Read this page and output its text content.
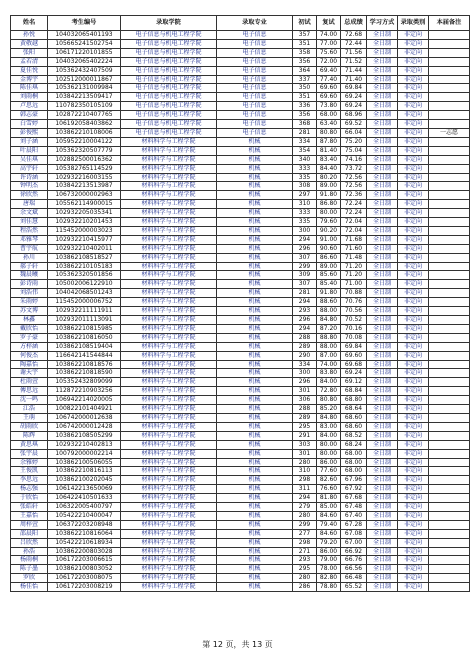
姓名	考生编号	录取学院	录取专业	初试	复试	总成绩	学习方式	录取类别	本届备注
孙悦	104032065401193	电子信息与机电工程学院	电子信息	357	74.00	72.68	全日制	非定向	
黄敬越	105665241502754	电子信息与机电工程学院	电子信息	351	77.00	72.44	全日制	非定向	
张阳	106171220101855	电子信息与机电工程学院	电子信息	358	75.60	71.56	全日制	非定向	
孟若清	104032065402224	电子信息与机电工程学院	电子信息	356	72.00	71.52	全日制	非定向	
夏佳悦	105362432407509	电子信息与机电工程学院	电子信息	364	69.40	71.44	全日制	非定向	
金博宇	102512000011867	电子信息与机电工程学院	电子信息	337	77.40	71.40	全日制	非定向	
陈佳琪	105362131009984	电子信息与机电工程学院	电子信息	350	69.60	69.84	全日制	非定向	
刘雨桐	103842213509417	电子信息与机电工程学院	电子信息	351	69.60	69.24	全日制	非定向	
卢思远	110782350105109	电子信息与机电工程学院	电子信息	336	73.80	69.24	全日制	非定向	
韩志豪	102872210407765	电子信息与机电工程学院	电子信息	356	68.00	68.96	全日制	非定向	
白雪婷	106192058403862	电子信息与机电工程学院	电子信息	368	63.40	69.52	全日制	非定向	
彭俊熙	103862210108006	电子信息与机电工程学院	电子信息	281	80.80	66.04	全日制	非定向	一志愿
刘子涵	105952210004122	材料科学与工程学院	机械	334	87.80	75.20	全日制	非定向	
叶晨阳	105362320507779	材料科学与工程学院	机械	354	81.40	75.04	全日制	非定向	
吴佳琪	102882500016362	材料科学与工程学院	机械	340	83.40	74.16	全日制	非定向	
高宇轩	105382765114529	材料科学与工程学院	机械	333	84.40	73.72	全日制	非定向	
许诗涵	102932216003155	材料科学与工程学院	机械	335	80.20	72.56	全日制	非定向	
钟明杰	103842213513987	材料科学与工程学院	机械	308	89.00	72.56	全日制	非定向	
徐欣然	106732000002963	材料科学与工程学院	机械	297	91.80	72.36	全日制	非定向	
唐瑞	105562114900015	材料科学与工程学院	机械	310	86.80	72.24	全日制	非定向	
余文斌	102932205035341	材料科学与工程学院	机械	333	80.00	72.24	全日制	非定向	
刘佳慧	102932210201453	材料科学与工程学院	机械	335	79.60	72.04	全日制	非定向	
程浩然	115452000003023	材料科学与工程学院	机械	300	90.20	72.04	全日制	非定向	
邓雅琴	102932210415977	材料科学与工程学院	机械	294	91.00	71.68	全日制	非定向	
曹宇航	102932210402011	材料科学与工程学院	机械	296	90.60	71.60	全日制	非定向	
孙川	103862108518527	材料科学与工程学院	机械	307	86.60	71.48	全日制	非定向	
郝子轩	103862210105183	材料科学与工程学院	机械	299	89.00	71.20	全日制	非定向	
魏晨曦	105362320501856	材料科学与工程学院	机械	309	85.60	71.20	全日制	非定向	
彭诗雨	105002006122910	材料科学与工程学院	机械	307	85.40	71.00	全日制	非定向	
刘浩伟	104042068501243	材料科学与工程学院	机械	281	91.80	70.88	全日制	非定向	
朱雨婷	115452000006752	材料科学与工程学院	机械	294	88.60	70.76	全日制	非定向	
苏文博	102932211111911	材料科学与工程学院	机械	293	88.00	70.56	全日制	非定向	
林鑫	102932011113091	材料科学与工程学院	机械	296	84.80	70.52	全日制	非定向	
戴欣怡	103862210815985	材料科学与工程学院	机械	294	87.20	70.16	全日制	非定向	
罗子豪	103862210816050	材料科学与工程学院	机械	288	88.80	70.08	全日制	非定向	
方梓涵	103862108519404	材料科学与工程学院	机械	289	88.00	69.84	全日制	非定向	
何俊杰	116642141544844	材料科学与工程学院	机械	290	87.00	69.60	全日制	非定向	
陶嘉怡	103862210818576	材料科学与工程学院	机械	334	74.00	69.68	全日制	非定向	
谢天宇	103862210818590	材料科学与工程学院	机械	300	83.80	69.24	全日制	非定向	
杜雨萱	105352432809099	材料科学与工程学院	机械	296	84.00	69.12	全日制	非定向	
傅思远	112872210903256	材料科学与工程学院	机械	301	72.80	68.84	全日制	非定向	
沈一鸣	106942214020005	材料科学与工程学院	机械	306	80.80	68.80	全日制	非定向	
江浩	100822101404921	材料科学与工程学院	机械	288	85.20	68.64	全日制	非定向	
王萌	106742000012638	材料科学与工程学院	机械	289	84.80	68.60	全日制	非定向	
胡雨欣	106742000012428	材料科学与工程学院	机械	295	83.00	68.60	全日制	非定向	
陈辉	103862108505299	材料科学与工程学院	机械	291	84.00	68.52	全日制	非定向	
黄思琪	102932210402813	材料科学与工程学院	机械	303	80.00	68.24	全日制	非定向	
张宇晨	100792000002214	材料科学与工程学院	机械	301	80.00	68.00	全日制	非定向	
余雅婷	103862100506055	材料科学与工程学院	机械	280	86.00	68.00	全日制	非定向	
王俊凯	103862210816113	材料科学与工程学院	机械	310	77.60	68.00	全日制	非定向	
李思远	103862100202045	材料科学与工程学院	机械	298	82.60	67.96	全日制	非定向	
杨志强	106142213650069	材料科学与工程学院	机械	311	76.60	67.92	全日制	非定向	
于欣怡	106422410501633	材料科学与工程学院	机械	294	81.80	67.68	全日制	非定向	
张皓轩	106322005400797	材料科学与工程学院	机械	279	85.00	67.48	全日制	非定向	
王嘉怡	105422210400047	材料科学与工程学院	机械	280	84.60	67.40	全日制	非定向	
周梓萱	106372203208948	材料科学与工程学院	机械	299	79.40	67.28	全日制	非定向	
邵晨阳	103862210816064	材料科学与工程学院	机械	277	84.60	67.08	全日制	非定向	
吕欣然	105422210618934	材料科学与工程学院	机械	298	79.20	67.00	全日制	非定向	
孙浩	103862200803028	材料科学与工程学院	机械	271	86.00	66.92	全日制	非定向	
杨雨桐	106172203006615	材料科学与工程学院	机械	293	79.00	66.76	全日制	非定向	
陈子墨	103862100803052	材料科学与工程学院	机械	295	78.00	66.56	全日制	非定向	
罗欣	106172203008075	材料科学与工程学院	机械	280	82.80	66.48	全日制	非定向	
杨佳怡	106172203008219	材料科学与工程学院	机械	286	78.80	65.52	全日制	非定向	
第 12 页，共 13 页
